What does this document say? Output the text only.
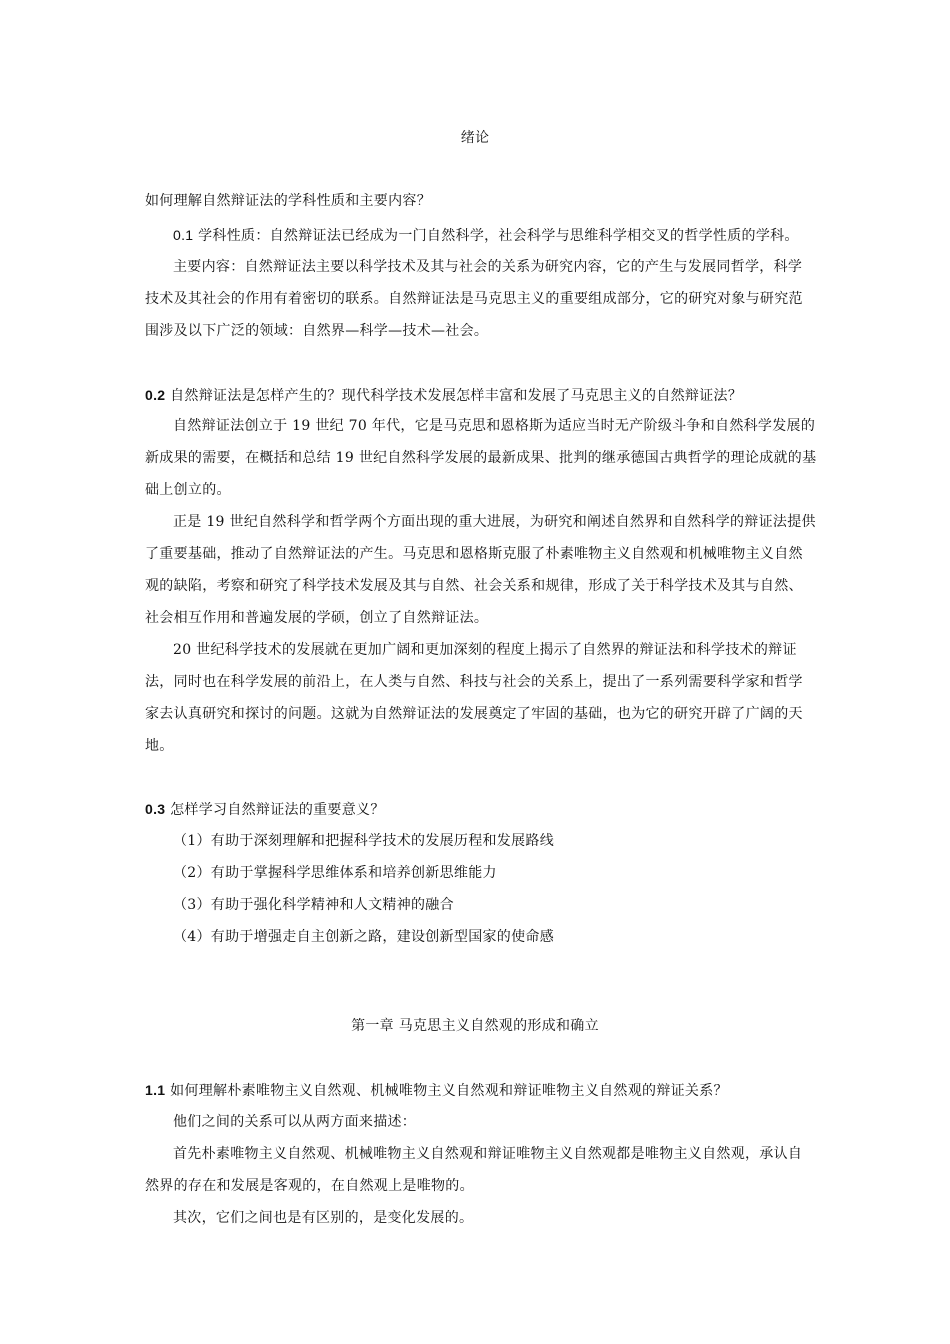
绪论
如何理解自然辩证法的学科性质和主要内容？
0.1 学科性质：自然辩证法已经成为一门自然科学，社会科学与思维科学相交叉的哲学性质的学科。
主要内容：自然辩证法主要以科学技术及其与社会的关系为研究内容，它的产生与发展同哲学，科学
技术及其社会的作用有着密切的联系。自然辩证法是马克思主义的重要组成部分，它的研究对象与研究范
围涉及以下广泛的领域：自然界—科学—技术—社会。
0.2 自然辩证法是怎样产生的？现代科学技术发展怎样丰富和发展了马克思主义的自然辩证法？
自然辩证法创立于 19 世纪 70 年代，它是马克思和恩格斯为适应当时无产阶级斗争和自然科学发展的
新成果的需要，在概括和总结 19 世纪自然科学发展的最新成果、批判的继承德国古典哲学的理论成就的基
础上创立的。
正是 19 世纪自然科学和哲学两个方面出现的重大进展，为研究和阐述自然界和自然科学的辩证法提供
了重要基础，推动了自然辩证法的产生。马克思和恩格斯克服了朴素唯物主义自然观和机械唯物主义自然
观的缺陷，考察和研究了科学技术发展及其与自然、社会关系和规律，形成了关于科学技术及其与自然、
社会相互作用和普遍发展的学硕，创立了自然辩证法。
20 世纪科学技术的发展就在更加广阔和更加深刻的程度上揭示了自然界的辩证法和科学技术的辩证
法，同时也在科学发展的前沿上，在人类与自然、科技与社会的关系上，提出了一系列需要科学家和哲学
家去认真研究和探讨的问题。这就为自然辩证法的发展奠定了牢固的基础，也为它的研究开辟了广阔的天
地。
0.3 怎样学习自然辩证法的重要意义？
（1）有助于深刻理解和把握科学技术的发展历程和发展路线
（2）有助于掌握科学思维体系和培养创新思维能力
（3）有助于强化科学精神和人文精神的融合
（4）有助于增强走自主创新之路，建设创新型国家的使命感
第一章 马克思主义自然观的形成和确立
1.1 如何理解朴素唯物主义自然观、机械唯物主义自然观和辩证唯物主义自然观的辩证关系？
他们之间的关系可以从两方面来描述：
首先朴素唯物主义自然观、机械唯物主义自然观和辩证唯物主义自然观都是唯物主义自然观，承认自
然界的存在和发展是客观的，在自然观上是唯物的。
其次，它们之间也是有区别的，是变化发展的。
